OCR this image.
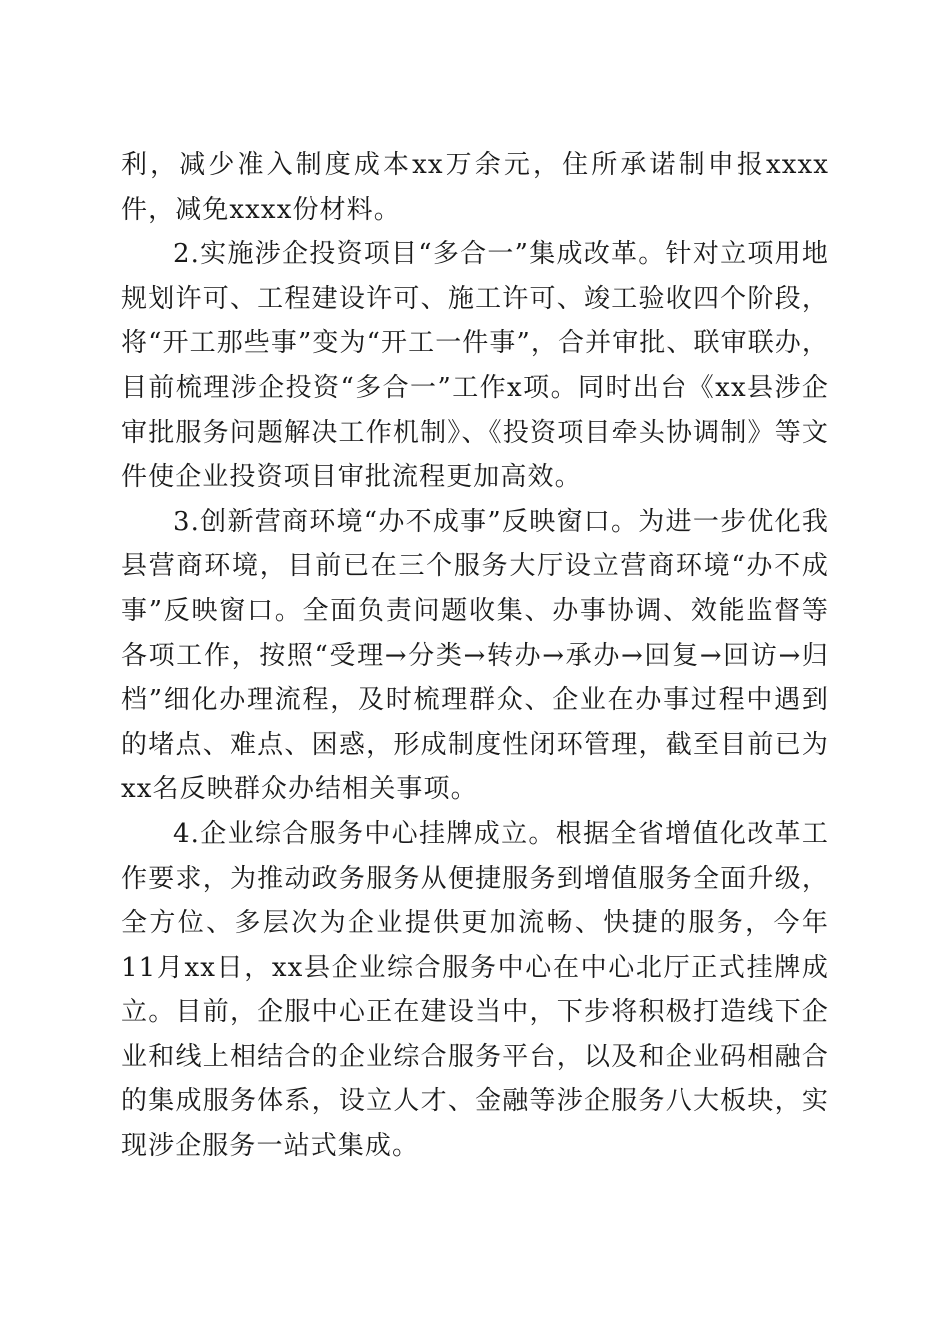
利，减少准入制度成本xx万余元，住所承诺制申报xxxx件，减免xxxx份材料。

2.实施涉企投资项目“多合一”集成改革。针对立项用地规划许可、工程建设许可、施工许可、竣工验收四个阶段，将“开工那些事”变为“开工一件事”，合并审批、联审联办，目前梳理涉企投资“多合一”工作x项。同时出台《xx县涉企审批服务问题解决工作机制》、《投资项目牵头协调制》等文件使企业投资项目审批流程更加高效。

3.创新营商环境“办不成事”反映窗口。为进一步优化我县营商环境，目前已在三个服务大厅设立营商环境“办不成事”反映窗口。全面负责问题收集、办事协调、效能监督等各项工作，按照“受理→分类→转办→承办→回复→回访→归档”细化办理流程，及时梳理群众、企业在办事过程中遇到的堵点、难点、困惑，形成制度性闭环管理，截至目前已为xx名反映群众办结相关事项。

4.企业综合服务中心挂牌成立。根据全省增值化改革工作要求，为推动政务服务从便捷服务到增值服务全面升级，全方位、多层次为企业提供更加流畅、快捷的服务，今年11月xx日，xx县企业综合服务中心在中心北厅正式挂牌成立。目前，企服中心正在建设当中，下步将积极打造线下企业和线上相结合的企业综合服务平台，以及和企业码相融合的集成服务体系，设立人才、金融等涉企服务八大板块，实现涉企服务一站式集成。
